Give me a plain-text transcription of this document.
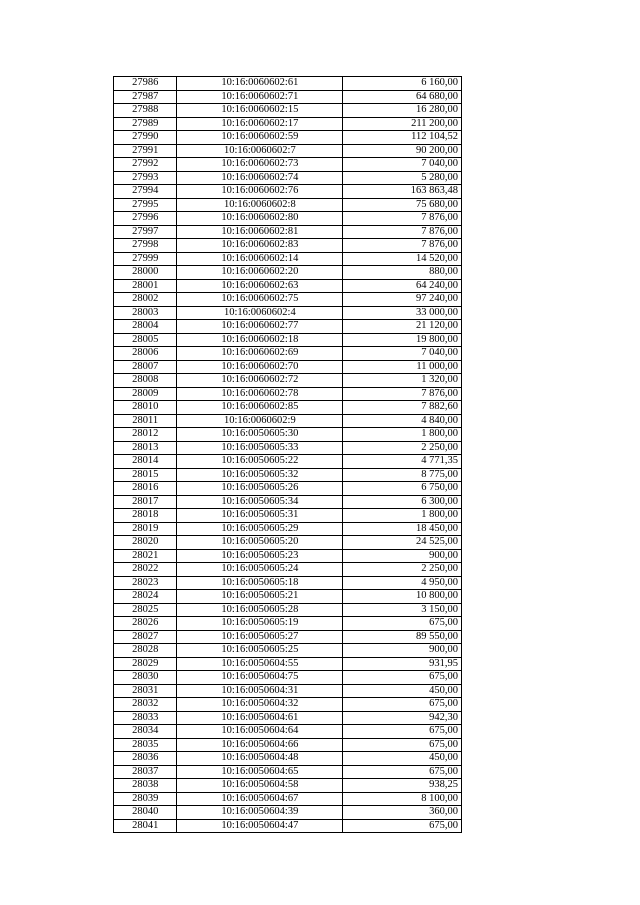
27986	10:16:0060602:61	6 160,00
27987	10:16:0060602:71	64 680,00
27988	10:16:0060602:15	16 280,00
27989	10:16:0060602:17	211 200,00
27990	10:16:0060602:59	112 104,52
27991	10:16:0060602:7	90 200,00
27992	10:16:0060602:73	7 040,00
27993	10:16:0060602:74	5 280,00
27994	10:16:0060602:76	163 863,48
27995	10:16:0060602:8	75 680,00
27996	10:16:0060602:80	7 876,00
27997	10:16:0060602:81	7 876,00
27998	10:16:0060602:83	7 876,00
27999	10:16:0060602:14	14 520,00
28000	10:16:0060602:20	880,00
28001	10:16:0060602:63	64 240,00
28002	10:16:0060602:75	97 240,00
28003	10:16:0060602:4	33 000,00
28004	10:16:0060602:77	21 120,00
28005	10:16:0060602:18	19 800,00
28006	10:16:0060602:69	7 040,00
28007	10:16:0060602:70	11 000,00
28008	10:16:0060602:72	1 320,00
28009	10:16:0060602:78	7 876,00
28010	10:16:0060602:85	7 882,60
28011	10:16:0060602:9	4 840,00
28012	10:16:0050605:30	1 800,00
28013	10:16:0050605:33	2 250,00
28014	10:16:0050605:22	4 771,35
28015	10:16:0050605:32	8 775,00
28016	10:16:0050605:26	6 750,00
28017	10:16:0050605:34	6 300,00
28018	10:16:0050605:31	1 800,00
28019	10:16:0050605:29	18 450,00
28020	10:16:0050605:20	24 525,00
28021	10:16:0050605:23	900,00
28022	10:16:0050605:24	2 250,00
28023	10:16:0050605:18	4 950,00
28024	10:16:0050605:21	10 800,00
28025	10:16:0050605:28	3 150,00
28026	10:16:0050605:19	675,00
28027	10:16:0050605:27	89 550,00
28028	10:16:0050605:25	900,00
28029	10:16:0050604:55	931,95
28030	10:16:0050604:75	675,00
28031	10:16:0050604:31	450,00
28032	10:16:0050604:32	675,00
28033	10:16:0050604:61	942,30
28034	10:16:0050604:64	675,00
28035	10:16:0050604:66	675,00
28036	10:16:0050604:48	450,00
28037	10:16:0050604:65	675,00
28038	10:16:0050604:58	938,25
28039	10:16:0050604:67	8 100,00
28040	10:16:0050604:39	360,00
28041	10:16:0050604:47	675,00
